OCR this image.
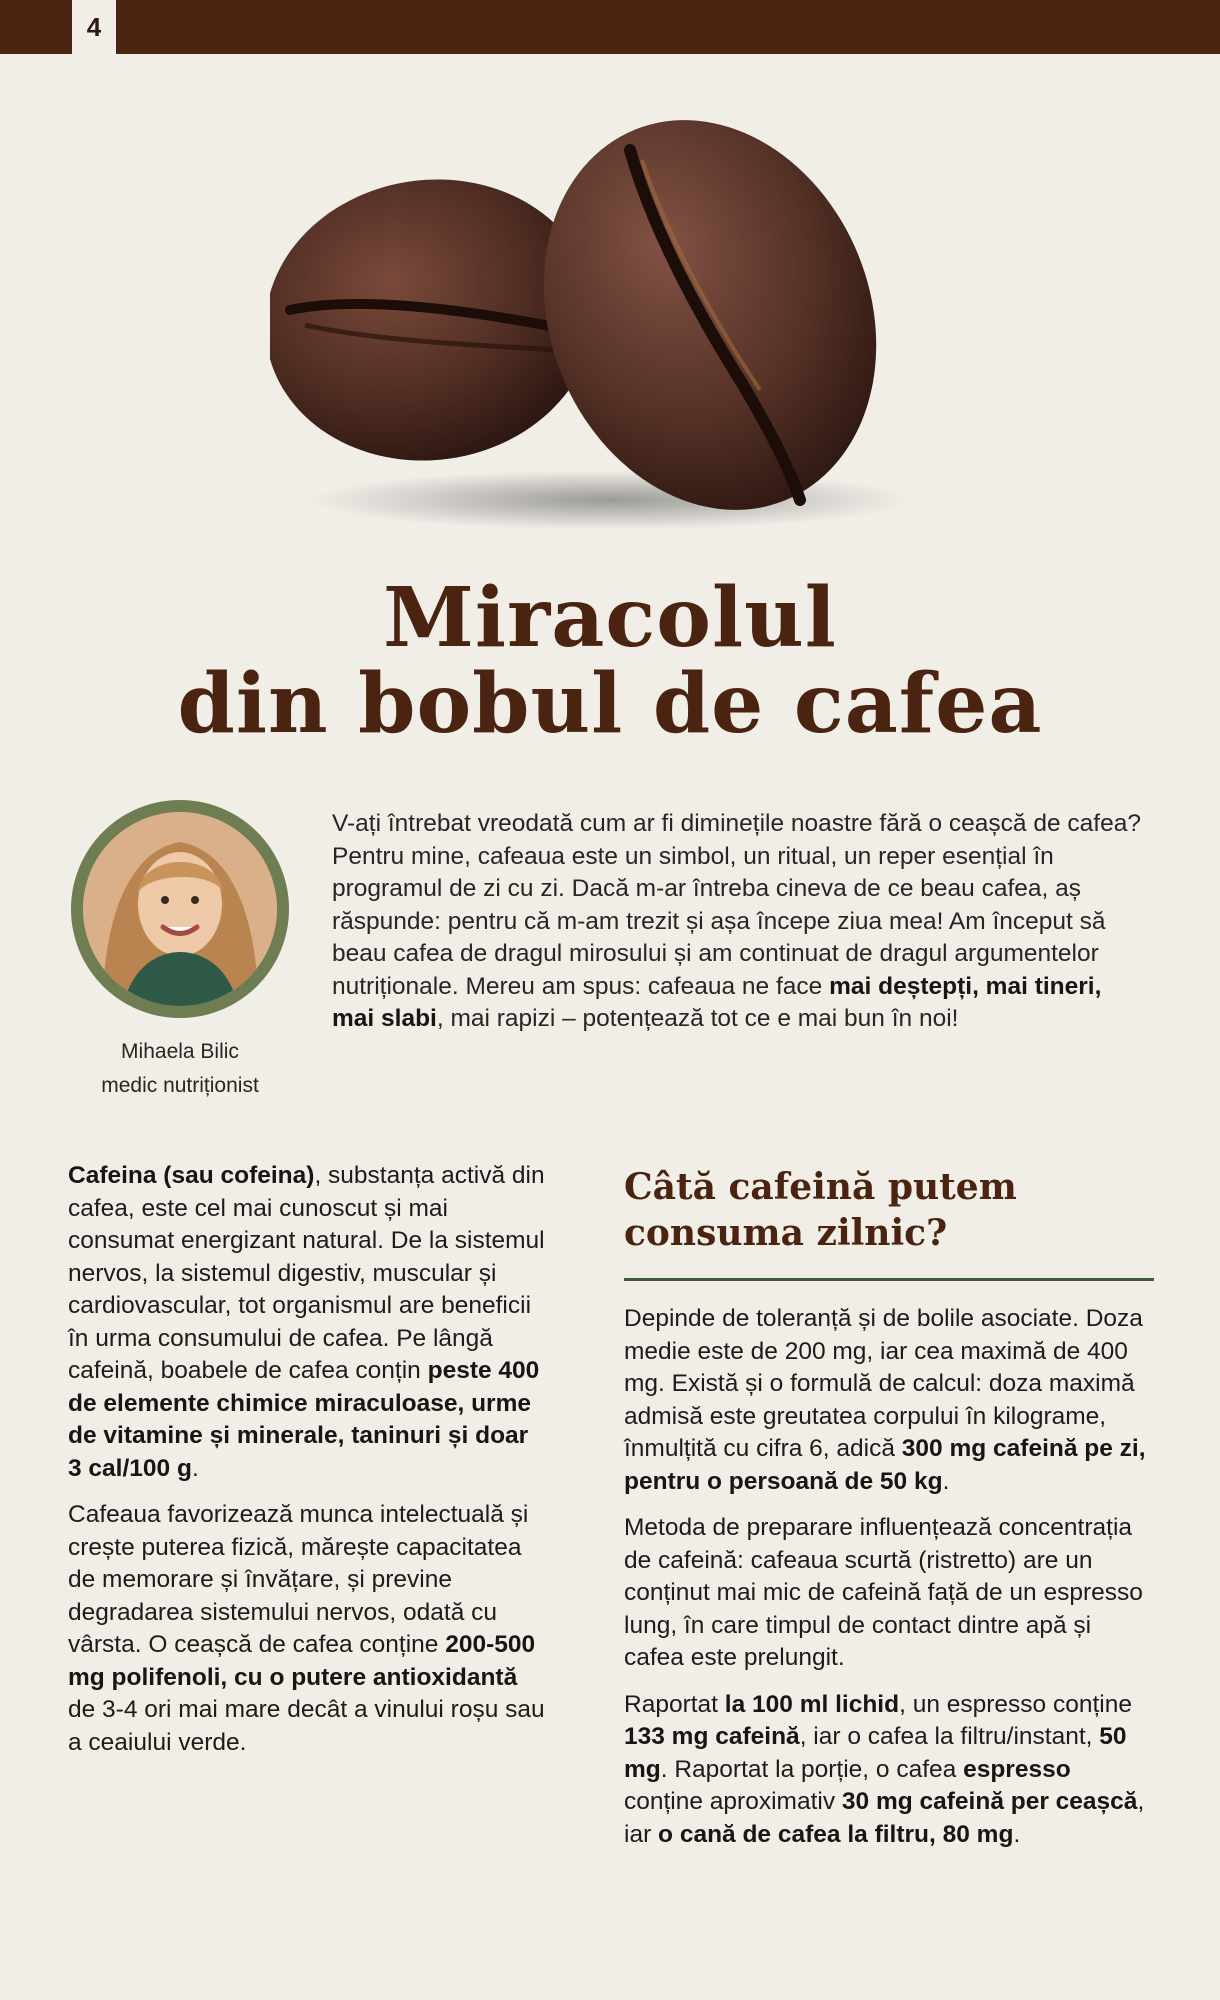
4
Miracolul
din bobul de cafea
Mihaela Bilic
medic nutriționist

V-ați întrebat vreodată cum ar fi diminețile noastre fără o ceașcă de cafea? Pentru mine, cafeaua este un simbol, un ritual, un reper esențial în programul de zi cu zi. Dacă m-ar întreba cineva de ce beau cafea, aș răspunde: pentru că m-am trezit și așa începe ziua mea! Am început să beau cafea de dragul mirosului și am continuat de dragul argumentelor nutriționale. Mereu am spus: cafeaua ne face mai deștepți, mai tineri, mai slabi, mai rapizi – potențează tot ce e mai bun în noi!

Cafeina (sau cofeina), substanța activă din cafea, este cel mai cunoscut și mai consumat energizant natural. De la sistemul nervos, la sistemul digestiv, muscular și cardiovascular, tot organismul are beneficii în urma consumului de cafea. Pe lângă cafeină, boabele de cafea conțin peste 400 de elemente chimice miraculoase, urme de vitamine și minerale, taninuri și doar 3 cal/100 g.

Cafeaua favorizează munca intelectuală și crește puterea fizică, mărește capacitatea de memorare și învățare, și previne degradarea sistemului nervos, odată cu vârsta. O ceașcă de cafea conține 200-500 mg polifenoli, cu o putere antioxidantă de 3-4 ori mai mare decât a vinului roșu sau a ceaiului verde.

Câtă cafeină putem
consuma zilnic?

Depinde de toleranță și de bolile asociate. Doza medie este de 200 mg, iar cea maximă de 400 mg. Există și o formulă de calcul: doza maximă admisă este greutatea corpului în kilograme, înmulțită cu cifra 6, adică 300 mg cafeină pe zi, pentru o persoană de 50 kg.

Metoda de preparare influențează concentrația de cafeină: cafeaua scurtă (ristretto) are un conținut mai mic de cafeină față de un espresso lung, în care timpul de contact dintre apă și cafea este prelungit.

Raportat la 100 ml lichid, un espresso conține 133 mg cafeină, iar o cafea la filtru/instant, 50 mg. Raportat la porție, o cafea espresso conține aproximativ 30 mg cafeină per ceașcă, iar o cană de cafea la filtru, 80 mg.
